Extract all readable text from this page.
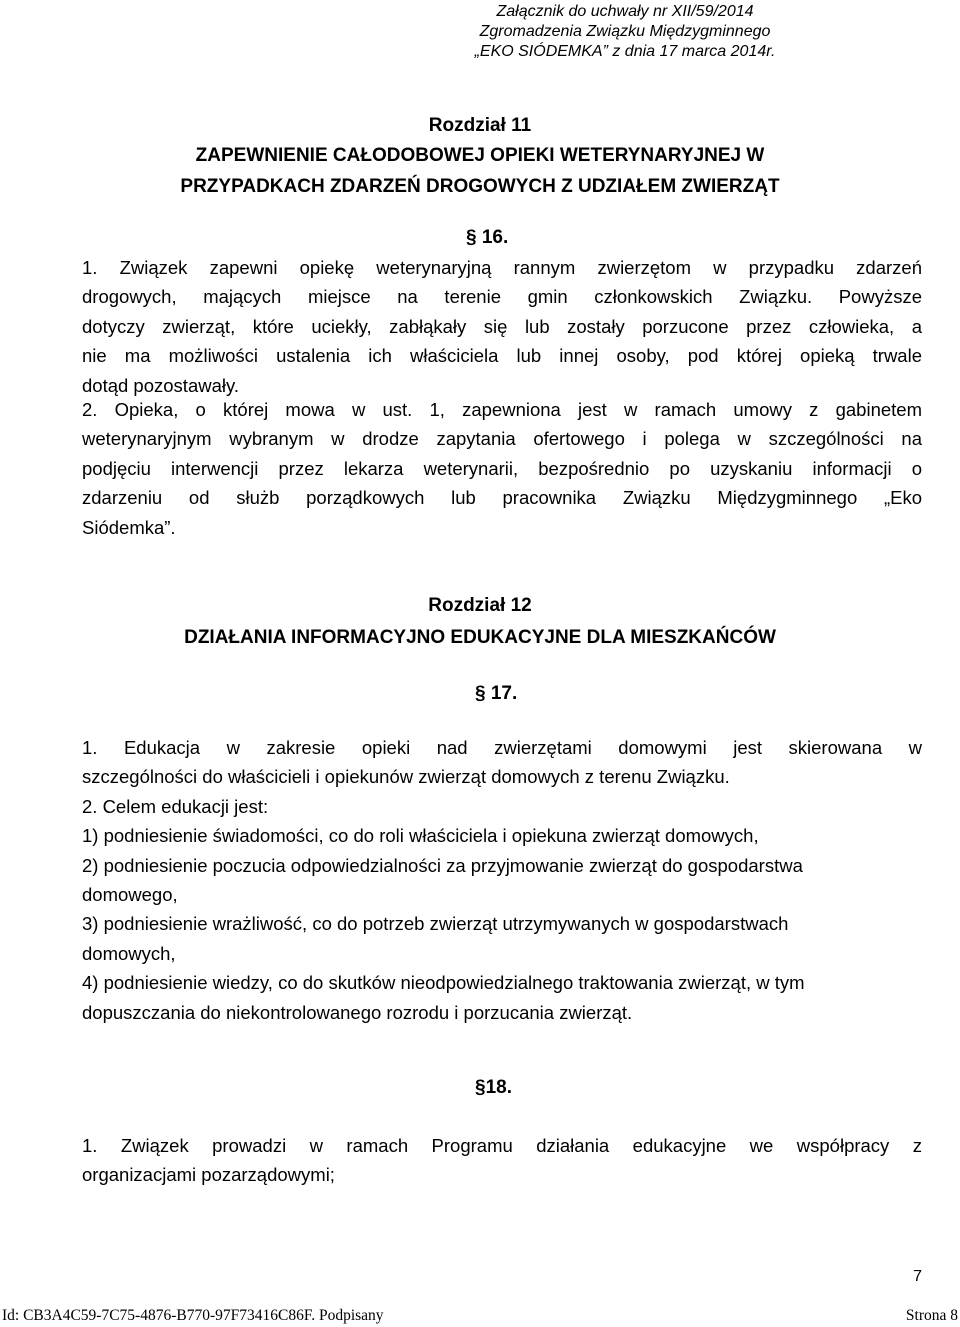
Załącznik do uchwały nr XII/59/2014
Zgromadzenia Związku Międzygminnego
„EKO SIÓDEMKA” z dnia 17 marca 2014r.
Rozdział 11
ZAPEWNIENIE CAŁODOBOWEJ OPIEKI WETERYNARYJNEJ W
PRZYPADKACH ZDARZEŃ DROGOWYCH Z UDZIAŁEM ZWIERZĄT
§ 16.
1. Związek zapewni opiekę weterynaryjną rannym zwierzętom w przypadku zdarzeń
drogowych, mających miejsce na terenie gmin członkowskich Związku. Powyższe
dotyczy zwierząt, które uciekły, zabłąkały się lub zostały porzucone przez człowieka, a
nie ma możliwości ustalenia ich właściciela lub innej osoby, pod której opieką trwale
dotąd pozostawały.
2. Opieka, o której mowa w ust. 1, zapewniona jest w ramach umowy z gabinetem
weterynaryjnym wybranym w drodze zapytania ofertowego i polega w szczególności na
podjęciu interwencji przez lekarza weterynarii, bezpośrednio po uzyskaniu informacji o
zdarzeniu od służb porządkowych lub pracownika Związku Międzygminnego „Eko
Siódemka”.
Rozdział 12
DZIAŁANIA INFORMACYJNO EDUKACYJNE DLA MIESZKAŃCÓW
§ 17.
1. Edukacja w zakresie opieki nad zwierzętami domowymi jest skierowana w
szczególności do właścicieli i opiekunów zwierząt domowych z terenu Związku.
2. Celem edukacji jest:
1) podniesienie świadomości, co do roli właściciela i opiekuna zwierząt domowych,
2) podniesienie poczucia odpowiedzialności za przyjmowanie zwierząt do gospodarstwa
domowego,
3) podniesienie wrażliwość, co do potrzeb zwierząt utrzymywanych w gospodarstwach
domowych,
4) podniesienie wiedzy, co do skutków nieodpowiedzialnego traktowania zwierząt, w tym
dopuszczania do niekontrolowanego rozrodu i porzucania zwierząt.
§18.
1. Związek prowadzi w ramach Programu działania edukacyjne we współpracy z
organizacjami pozarządowymi;
7
Id: CB3A4C59-7C75-4876-B770-97F73416C86F. Podpisany	Strona 8
